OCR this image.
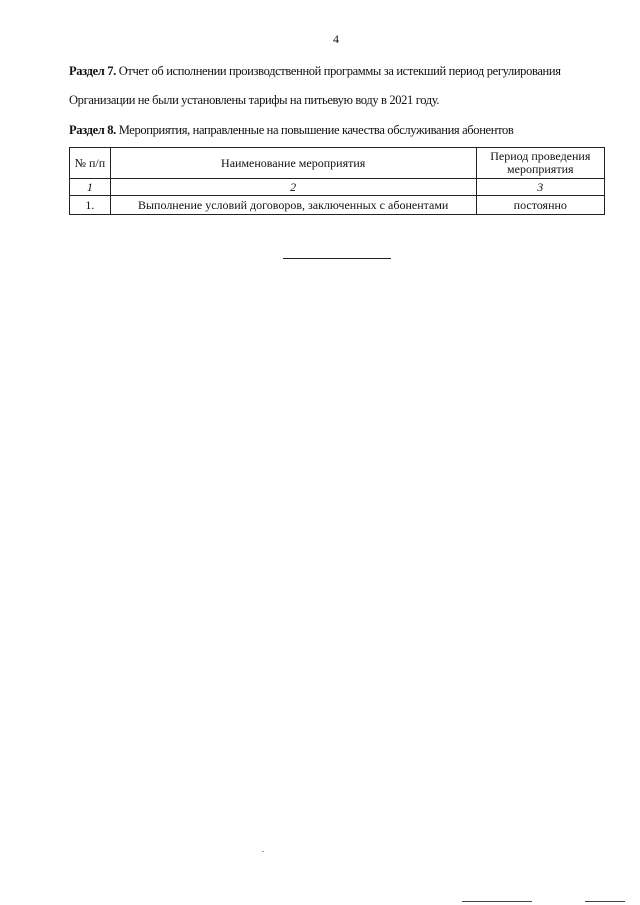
4
Раздел 7. Отчет об исполнении производственной программы за истекший период регулирования
Организации не были установлены тарифы на питьевую воду в 2021 году.
Раздел 8. Мероприятия, направленные на повышение качества обслуживания абонентов
№ п/п	Наименование мероприятия	Период проведения мероприятия
1	2	3
1.	Выполнение условий договоров, заключенных с абонентами	постоянно
